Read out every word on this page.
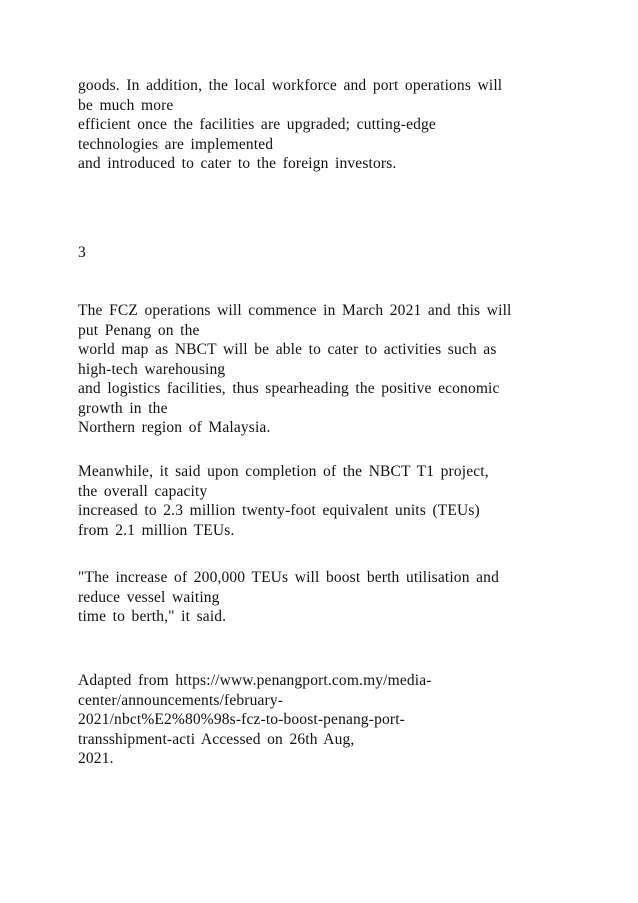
goods. In addition, the local workforce and port operations will
be much more
efficient once the facilities are upgraded; cutting-edge
technologies are implemented
and introduced to cater to the foreign investors.
3
The FCZ operations will commence in March 2021 and this will
put Penang on the
world map as NBCT will be able to cater to activities such as
high-tech warehousing
and logistics facilities, thus spearheading the positive economic
growth in the
Northern region of Malaysia.
Meanwhile, it said upon completion of the NBCT T1 project,
the overall capacity
increased to 2.3 million twenty-foot equivalent units (TEUs)
from 2.1 million TEUs.
"The increase of 200,000 TEUs will boost berth utilisation and
reduce vessel waiting
time to berth," it said.
Adapted from https://www.penangport.com.my/media-
center/announcements/february-
2021/nbct%E2%80%98s-fcz-to-boost-penang-port-
transshipment-acti Accessed on 26th Aug,
2021.
